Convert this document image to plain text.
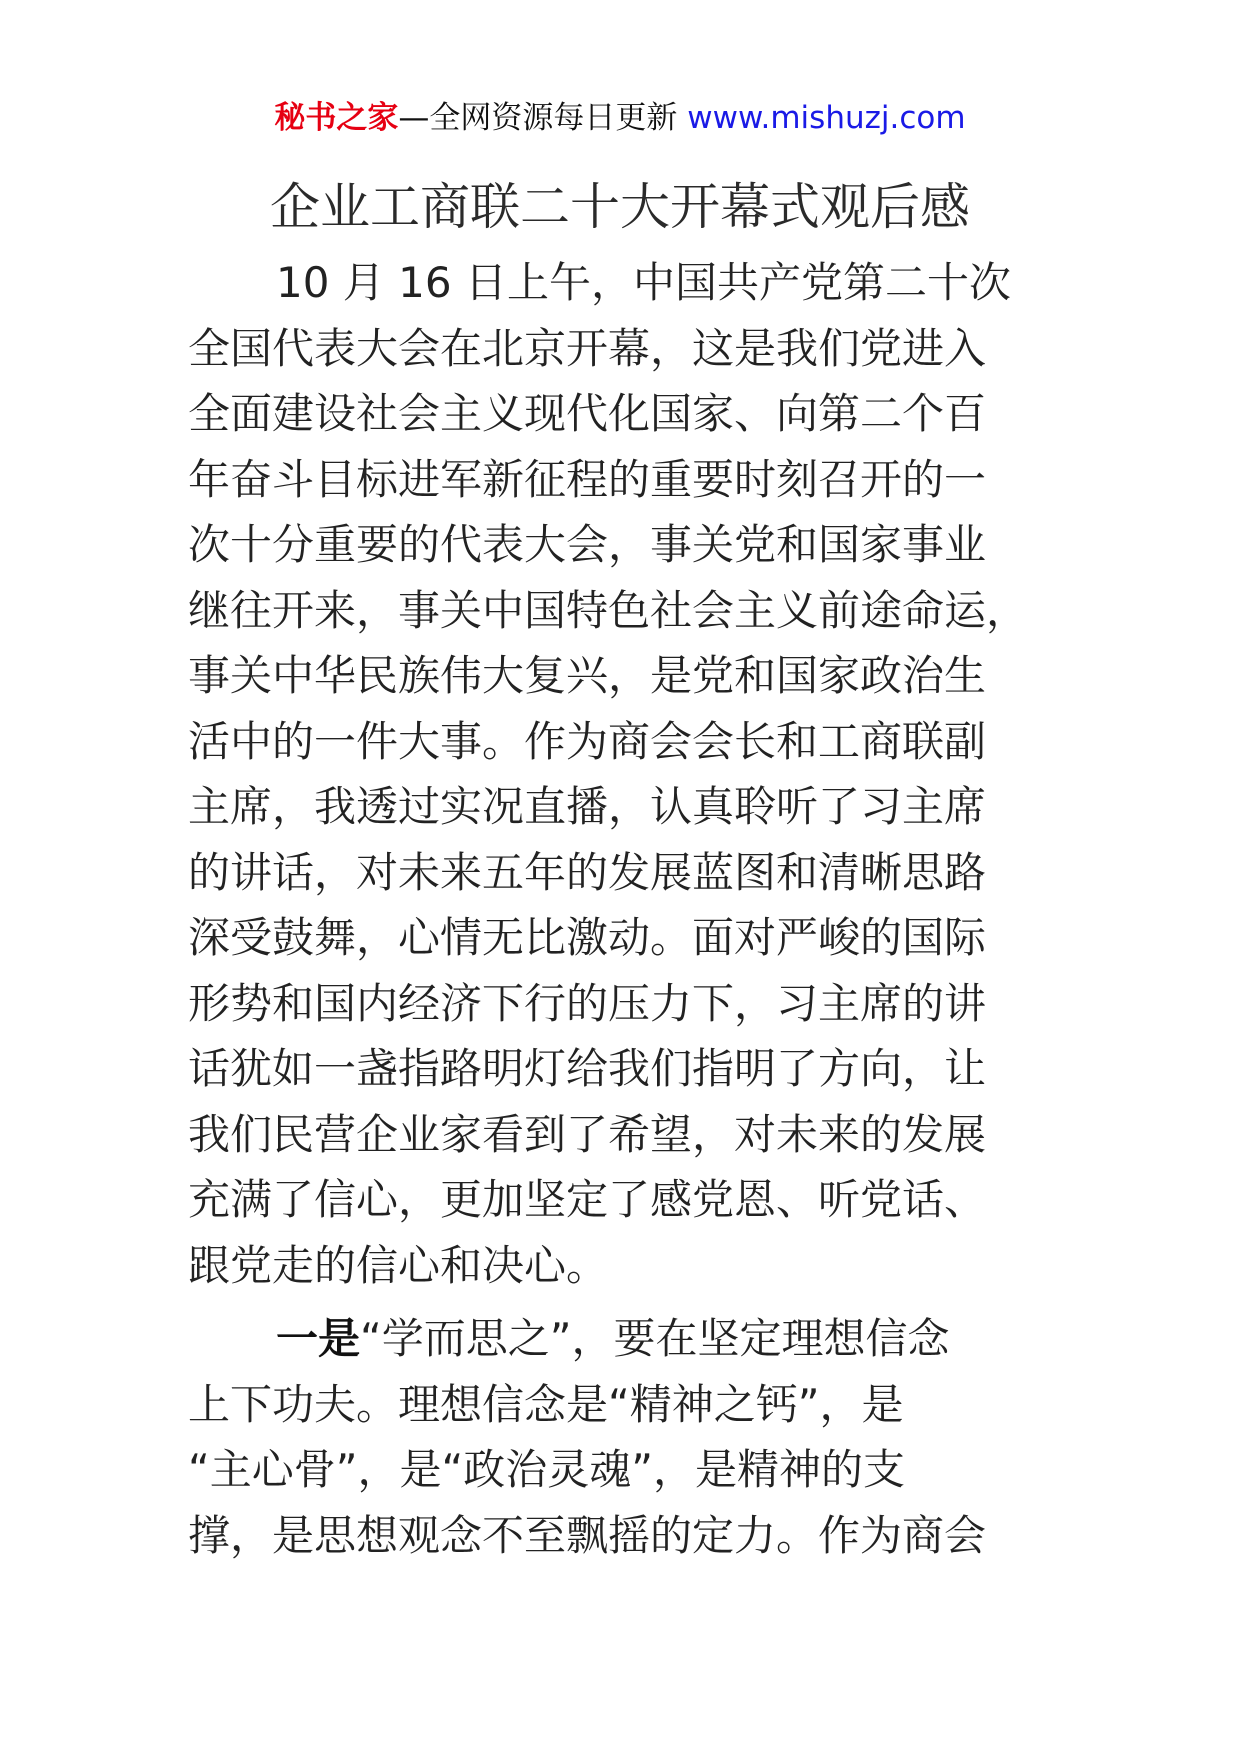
秘书之家—全网资源每日更新 www.mishuzj.com
企业工商联二十大开幕式观后感
10 月 16 日上午，中国共产党第二十次
全国代表大会在北京开幕，这是我们党进入
全面建设社会主义现代化国家、向第二个百
年奋斗目标进军新征程的重要时刻召开的一
次十分重要的代表大会，事关党和国家事业
继往开来，事关中国特色社会主义前途命运，
事关中华民族伟大复兴，是党和国家政治生
活中的一件大事。作为商会会长和工商联副
主席，我透过实况直播，认真聆听了习主席
的讲话，对未来五年的发展蓝图和清晰思路
深受鼓舞，心情无比激动。面对严峻的国际
形势和国内经济下行的压力下，习主席的讲
话犹如一盏指路明灯给我们指明了方向，让
我们民营企业家看到了希望，对未来的发展
充满了信心，更加坚定了感党恩、听党话、
跟党走的信心和决心。
一是“学而思之”，要在坚定理想信念
上下功夫。理想信念是“精神之钙”，是
“主心骨”，是“政治灵魂”，是精神的支
撑，是思想观念不至飘摇的定力。作为商会
